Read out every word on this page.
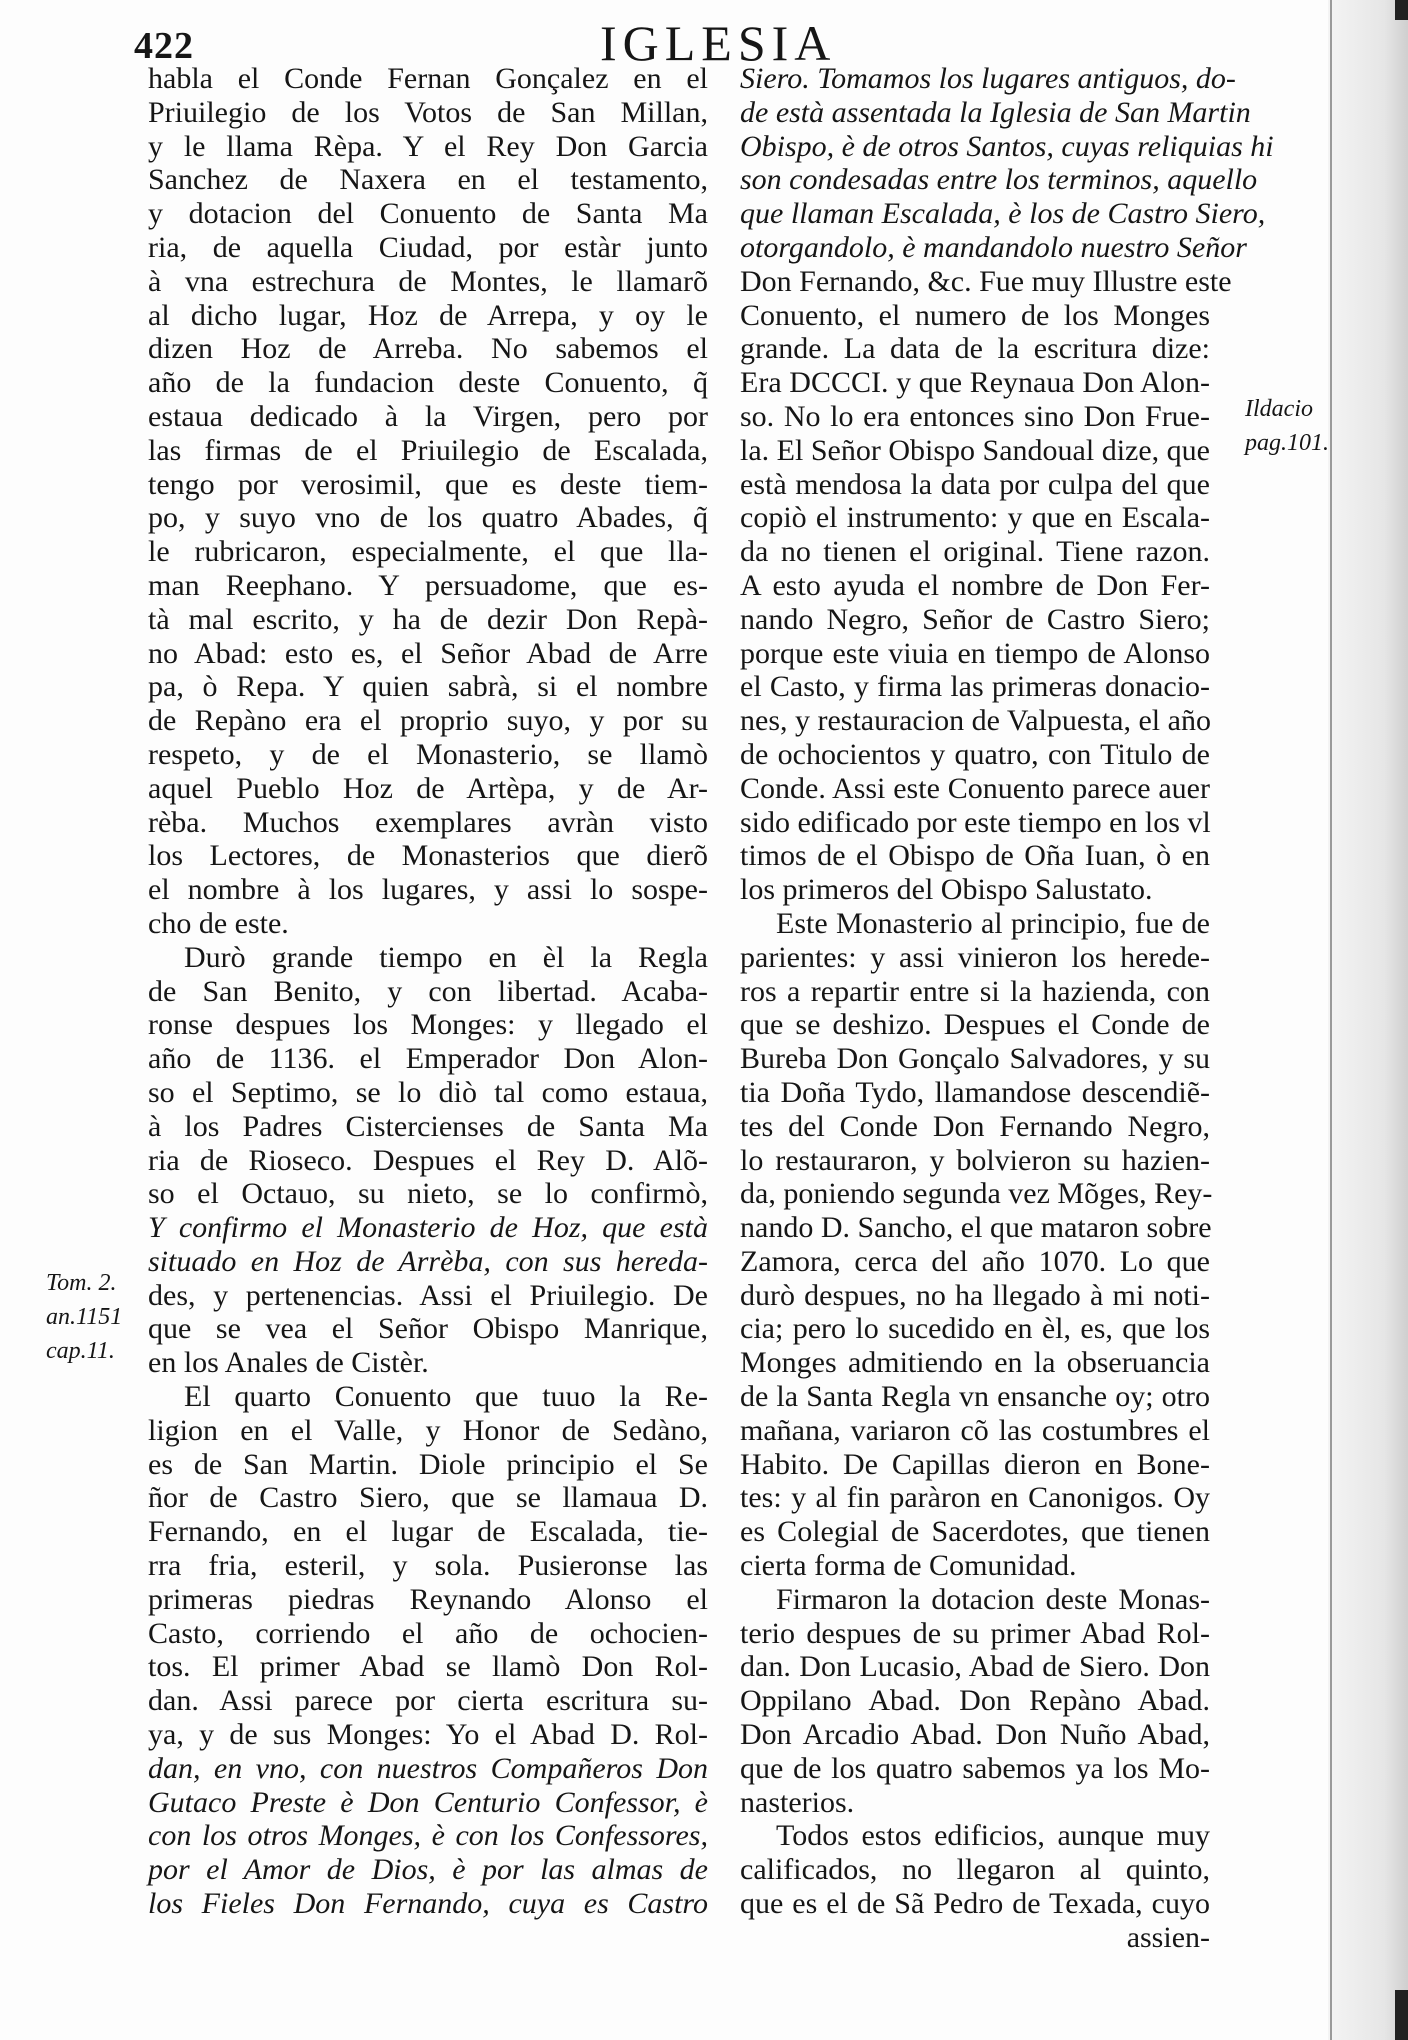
422	IGLESIA
Tom. 2.
an.1151
cap.11.
Ildacio
pag.101.
habla el Conde Fernan Gonçalez en el
Priuilegio de los Votos de San Millan,
y le llama Rèpa. Y el Rey Don Garcia
Sanchez de Naxera en el testamento,
y dotacion del Conuento de Santa Ma
ria, de aquella Ciudad, por estàr junto
à vna estrechura de Montes, le llamarõ
al dicho lugar, Hoz de Arrepa, y oy le
dizen Hoz de Arreba. No sabemos el
año de la fundacion deste Conuento, q̃
estaua dedicado à la Virgen, pero por
las firmas de el Priuilegio de Escalada,
tengo por verosimil, que es deste tiem-
po, y suyo vno de los quatro Abades, q̃
le rubricaron, especialmente, el que lla-
man Reephano. Y persuadome, que es-
tà mal escrito, y ha de dezir Don Repà-
no Abad: esto es, el Señor Abad de Arre
pa, ò Repa. Y quien sabrà, si el nombre
de Repàno era el proprio suyo, y por su
respeto, y de el Monasterio, se llamò
aquel Pueblo Hoz de Artèpa, y de Ar-
rèba. Muchos exemplares avràn visto
los Lectores, de Monasterios que dierõ
el nombre à los lugares, y assi lo sospe-
cho de este.
Durò grande tiempo en èl la Regla
de San Benito, y con libertad. Acaba-
ronse despues los Monges: y llegado el
año de 1136. el Emperador Don Alon-
so el Septimo, se lo diò tal como estaua,
à los Padres Cistercienses de Santa Ma
ria de Rioseco. Despues el Rey D. Alõ-
so el Octauo, su nieto, se lo confirmò,
Y confirmo el Monasterio de Hoz, que està
situado en Hoz de Arrèba, con sus hereda-
des, y pertenencias. Assi el Priuilegio. De
que se vea el Señor Obispo Manrique,
en los Anales de Cistèr.
El quarto Conuento que tuuo la Re-
ligion en el Valle, y Honor de Sedàno,
es de San Martin. Diole principio el Se
ñor de Castro Siero, que se llamaua D.
Fernando, en el lugar de Escalada, tie-
rra fria, esteril, y sola. Pusieronse las
primeras piedras Reynando Alonso el
Casto, corriendo el año de ochocien-
tos. El primer Abad se llamò Don Rol-
dan. Assi parece por cierta escritura su-
ya, y de sus Monges: Yo el Abad D. Rol-
dan, en vno, con nuestros Compañeros Don
Gutaco Preste è Don Centurio Confessor, è
con los otros Monges, è con los Confessores,
por el Amor de Dios, è por las almas de
los Fieles Don Fernando, cuya es Castro
Siero. Tomamos los lugares antiguos, do-
de està assentada la Iglesia de San Martin
Obispo, è de otros Santos, cuyas reliquias hi
son condesadas entre los terminos, aquello
que llaman Escalada, è los de Castro Siero,
otorgandolo, è mandandolo nuestro Señor
Don Fernando, &c. Fue muy Illustre este
Conuento, el numero de los Monges
grande. La data de la escritura dize:
Era DCCCI. y que Reynaua Don Alon-
so. No lo era entonces sino Don Frue-
la. El Señor Obispo Sandoual dize, que
està mendosa la data por culpa del que
copiò el instrumento: y que en Escala-
da no tienen el original. Tiene razon.
A esto ayuda el nombre de Don Fer-
nando Negro, Señor de Castro Siero;
porque este viuia en tiempo de Alonso
el Casto, y firma las primeras donacio-
nes, y restauracion de Valpuesta, el año
de ochocientos y quatro, con Titulo de
Conde. Assi este Conuento parece auer
sido edificado por este tiempo en los vl
timos de el Obispo de Oña Iuan, ò en
los primeros del Obispo Salustato.
Este Monasterio al principio, fue de
parientes: y assi vinieron los herede-
ros a repartir entre si la hazienda, con
que se deshizo. Despues el Conde de
Bureba Don Gonçalo Salvadores, y su
tia Doña Tydo, llamandose descendiẽ-
tes del Conde Don Fernando Negro,
lo restauraron, y bolvieron su hazien-
da, poniendo segunda vez Mõges, Rey-
nando D. Sancho, el que mataron sobre
Zamora, cerca del año 1070. Lo que
durò despues, no ha llegado à mi noti-
cia; pero lo sucedido en èl, es, que los
Monges admitiendo en la obseruancia
de la Santa Regla vn ensanche oy; otro
mañana, variaron cõ las costumbres el
Habito. De Capillas dieron en Bone-
tes: y al fin paràron en Canonigos. Oy
es Colegial de Sacerdotes, que tienen
cierta forma de Comunidad.
Firmaron la dotacion deste Monas-
terio despues de su primer Abad Rol-
dan. Don Lucasio, Abad de Siero. Don
Oppilano Abad. Don Repàno Abad.
Don Arcadio Abad. Don Nuño Abad,
que de los quatro sabemos ya los Mo-
nasterios.
Todos estos edificios, aunque muy
calificados, no llegaron al quinto,
que es el de Sã Pedro de Texada, cuyo
assien-
